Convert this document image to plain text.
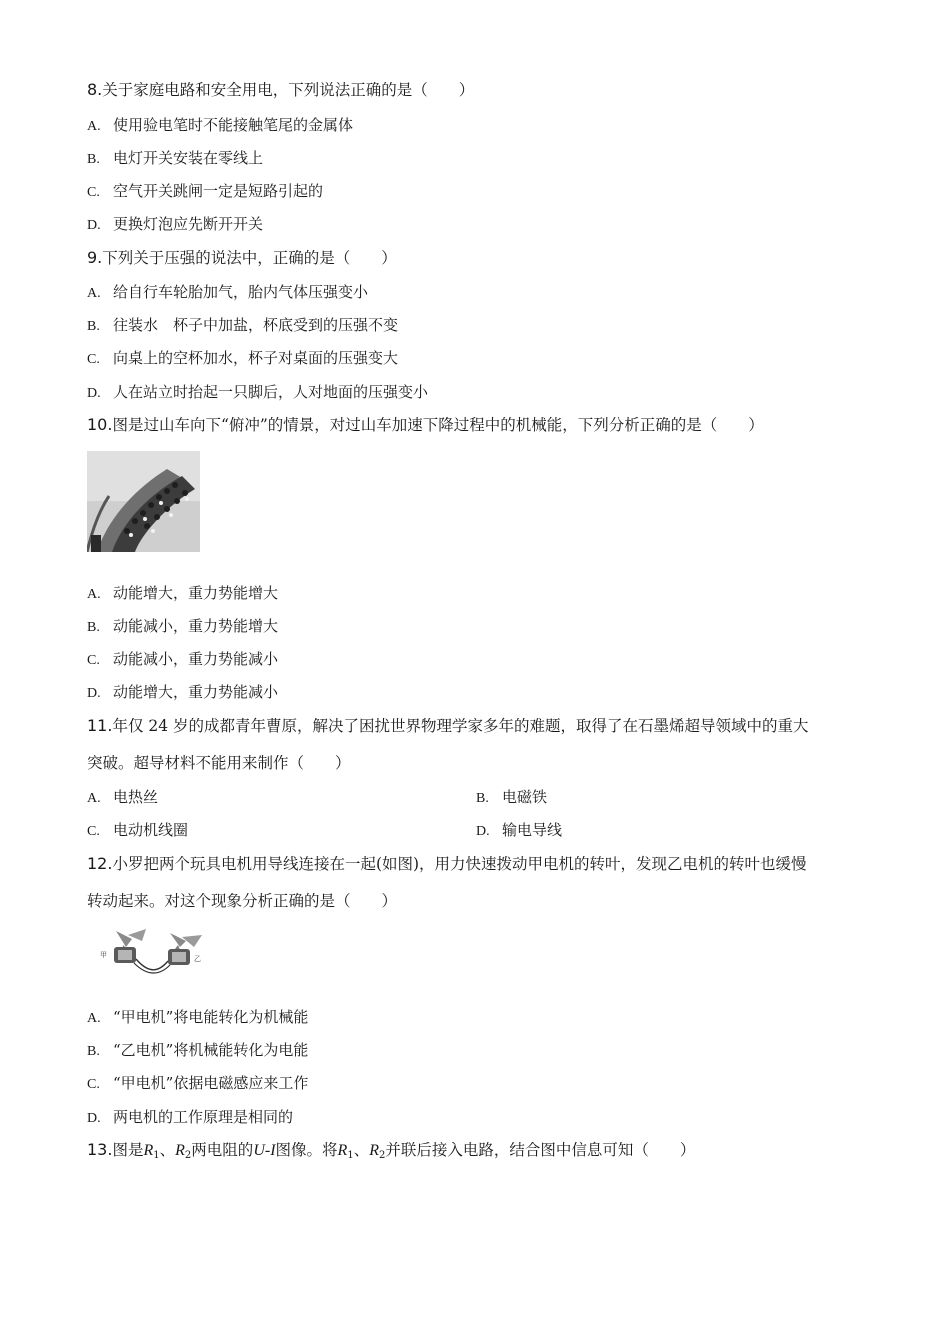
8.关于家庭电路和安全用电，下列说法正确的是（　　）
A. 使用验电笔时不能接触笔尾的金属体
B. 电灯开关安装在零线上
C. 空气开关跳闸一定是短路引起的
D. 更换灯泡应先断开开关
9.下列关于压强的说法中，正确的是（　　）
A. 给自行车轮胎加气，胎内气体压强变小
B. 往装水　杯子中加盐，杯底受到的压强不变
C. 向桌上的空杯加水，杯子对桌面的压强变大
D. 人在站立时抬起一只脚后，人对地面的压强变小
10.图是过山车向下“俯冲”的情景，对过山车加速下降过程中的机械能，下列分析正确的是（　　）
A. 动能增大，重力势能增大
B. 动能减小，重力势能增大
C. 动能减小，重力势能减小
D. 动能增大，重力势能减小
11.年仅 24 岁的成都青年曹原，解决了困扰世界物理学家多年的难题，取得了在石墨烯超导领域中的重大
突破。超导材料不能用来制作（　　）
A. 电热丝	B. 电磁铁
C. 电动机线圈	D. 输电导线
12.小罗把两个玩具电机用导线连接在一起(如图)，用力快速拨动甲电机的转叶，发现乙电机的转叶也缓慢
转动起来。对这个现象分析正确的是（　　）
甲	乙
A. “甲电机”将电能转化为机械能
B. “乙电机”将机械能转化为电能
C. “甲电机”依据电磁感应来工作
D. 两电机的工作原理是相同的
13.图是$R_1$、$R_2$两电阻的U-I图像。将$R_1$、$R_2$并联后接入电路，结合图中信息可知（　　）
